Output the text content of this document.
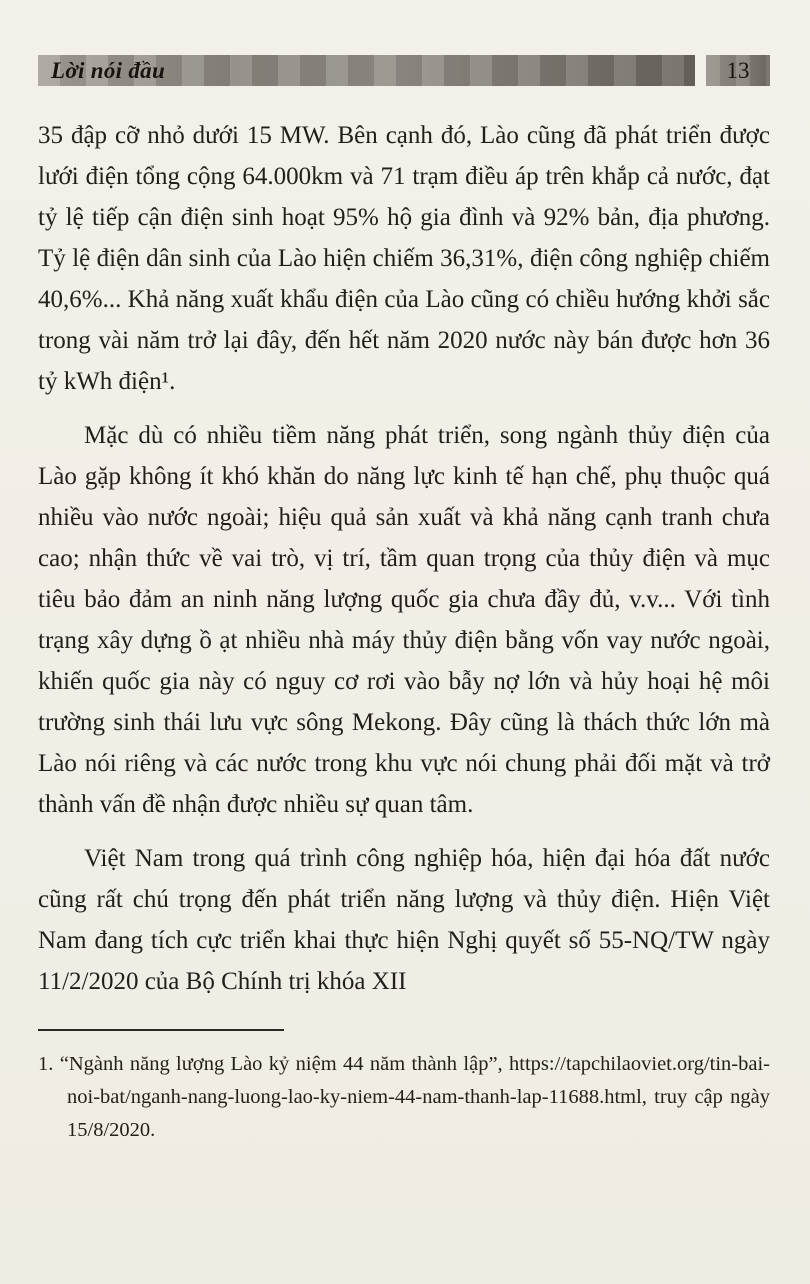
Lời nói đầu	13

35 đập cỡ nhỏ dưới 15 MW. Bên cạnh đó, Lào cũng đã phát triển được lưới điện tổng cộng 64.000km và 71 trạm điều áp trên khắp cả nước, đạt tỷ lệ tiếp cận điện sinh hoạt 95% hộ gia đình và 92% bản, địa phương. Tỷ lệ điện dân sinh của Lào hiện chiếm 36,31%, điện công nghiệp chiếm 40,6%... Khả năng xuất khẩu điện của Lào cũng có chiều hướng khởi sắc trong vài năm trở lại đây, đến hết năm 2020 nước này bán được hơn 36 tỷ kWh điện¹.

Mặc dù có nhiều tiềm năng phát triển, song ngành thủy điện của Lào gặp không ít khó khăn do năng lực kinh tế hạn chế, phụ thuộc quá nhiều vào nước ngoài; hiệu quả sản xuất và khả năng cạnh tranh chưa cao; nhận thức về vai trò, vị trí, tầm quan trọng của thủy điện và mục tiêu bảo đảm an ninh năng lượng quốc gia chưa đầy đủ, v.v... Với tình trạng xây dựng ồ ạt nhiều nhà máy thủy điện bằng vốn vay nước ngoài, khiến quốc gia này có nguy cơ rơi vào bẫy nợ lớn và hủy hoại hệ môi trường sinh thái lưu vực sông Mekong. Đây cũng là thách thức lớn mà Lào nói riêng và các nước trong khu vực nói chung phải đối mặt và trở thành vấn đề nhận được nhiều sự quan tâm.

Việt Nam trong quá trình công nghiệp hóa, hiện đại hóa đất nước cũng rất chú trọng đến phát triển năng lượng và thủy điện. Hiện Việt Nam đang tích cực triển khai thực hiện Nghị quyết số 55-NQ/TW ngày 11/2/2020 của Bộ Chính trị khóa XII

1. “Ngành năng lượng Lào kỷ niệm 44 năm thành lập”, https://tapchilaoviet.org/tin-bai-noi-bat/nganh-nang-luong-lao-ky-niem-44-nam-thanh-lap-11688.html, truy cập ngày 15/8/2020.
